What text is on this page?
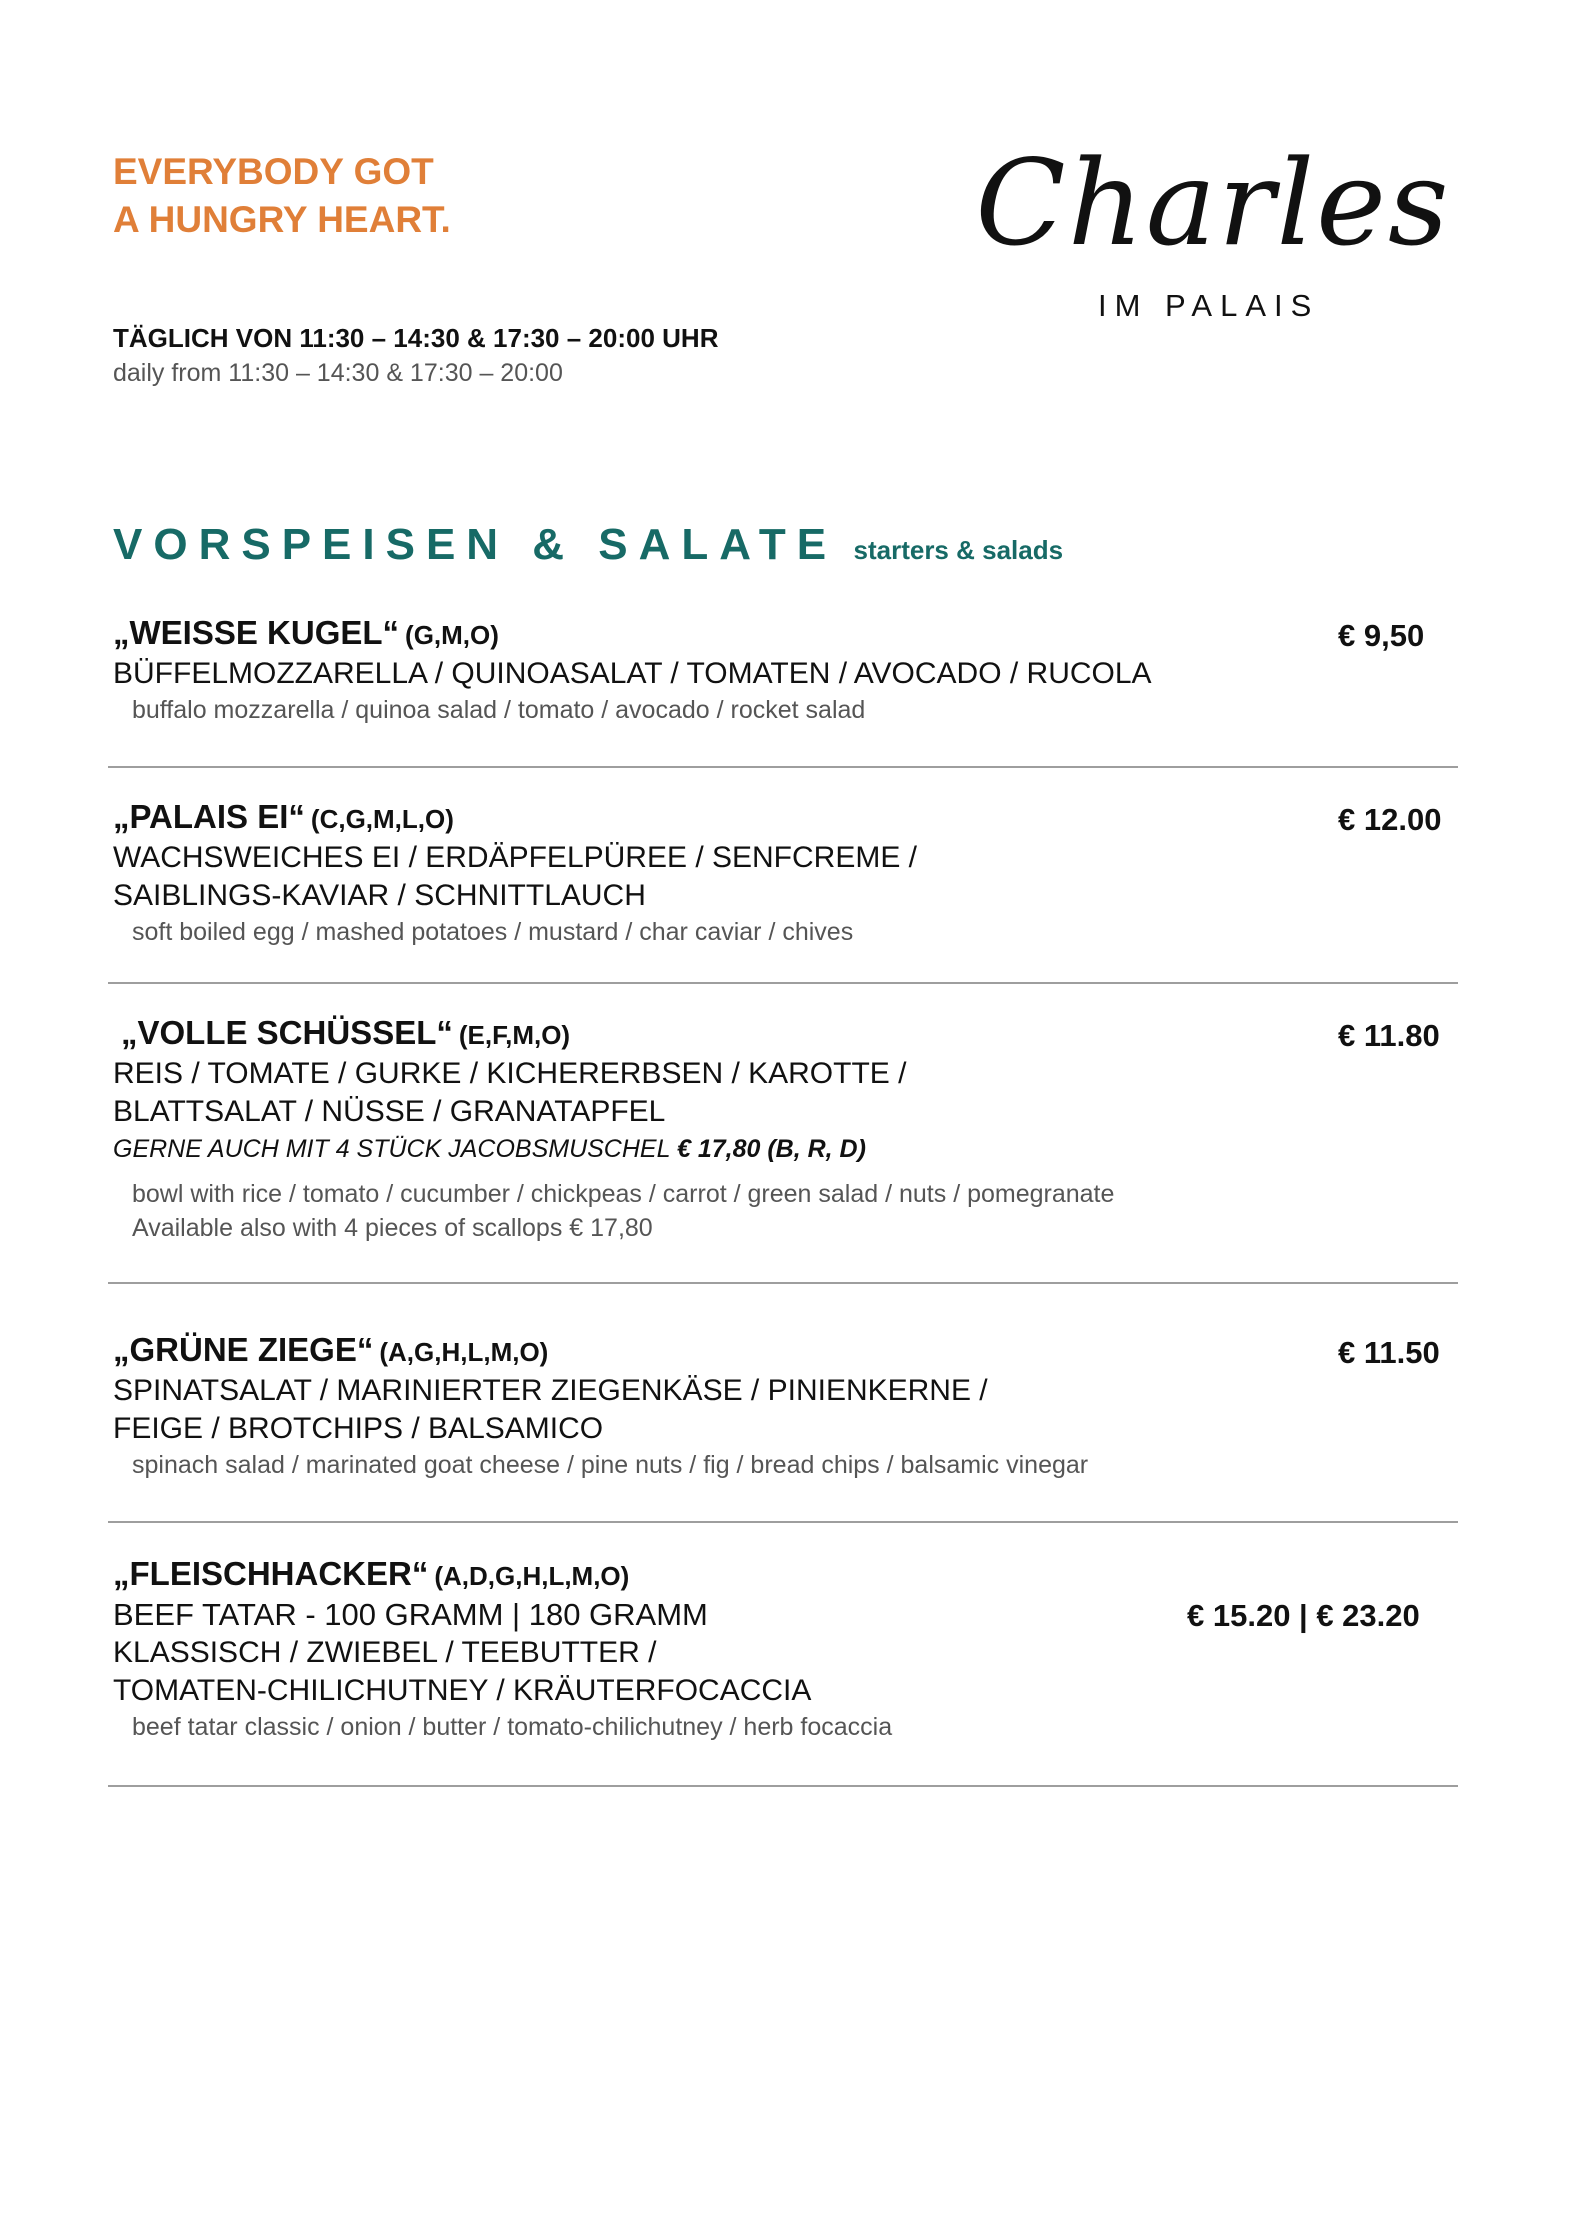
EVERYBODY GOT
A HUNGRY HEART.	Charles
IM PALAIS
TÄGLICH VON 11:30 – 14:30 & 17:30 – 20:00 UHR
daily from 11:30 – 14:30 & 17:30 – 20:00
VORSPEISEN & SALATE starters & salads
„WEISSE KUGEL“ (G,M,O)
BÜFFELMOZZARELLA / QUINOASALAT / TOMATEN / AVOCADO / RUCOLA
buffalo mozzarella / quinoa salad / tomato / avocado / rocket salad
€ 9,50
„PALAIS EI“ (C,G,M,L,O)
WACHSWEICHES EI / ERDÄPFELPÜREE / SENFCREME /
SAIBLINGS-KAVIAR / SCHNITTLAUCH
soft boiled egg / mashed potatoes / mustard / char caviar / chives
€ 12.00
„VOLLE SCHÜSSEL“ (E,F,M,O)
REIS / TOMATE / GURKE / KICHERERBSEN / KAROTTE /
BLATTSALAT / NÜSSE / GRANATAPFEL
GERNE AUCH MIT 4 STÜCK JACOBSMUSCHEL € 17,80 (B, R, D)
bowl with rice / tomato / cucumber / chickpeas / carrot / green salad / nuts / pomegranate
Available also with 4 pieces of scallops € 17,80
€ 11.80
„GRÜNE ZIEGE“ (A,G,H,L,M,O)
SPINATSALAT / MARINIERTER ZIEGENKÄSE / PINIENKERNE /
FEIGE / BROTCHIPS / BALSAMICO
spinach salad / marinated goat cheese / pine nuts / fig / bread chips / balsamic vinegar
€ 11.50
„FLEISCHHACKER“ (A,D,G,H,L,M,O)
BEEF TATAR - 100 GRAMM | 180 GRAMM
KLASSISCH / ZWIEBEL / TEEBUTTER /
TOMATEN-CHILICHUTNEY / KRÄUTERFOCACCIA
beef tatar classic / onion / butter / tomato-chilichutney / herb focaccia
€ 15.20 | € 23.20
